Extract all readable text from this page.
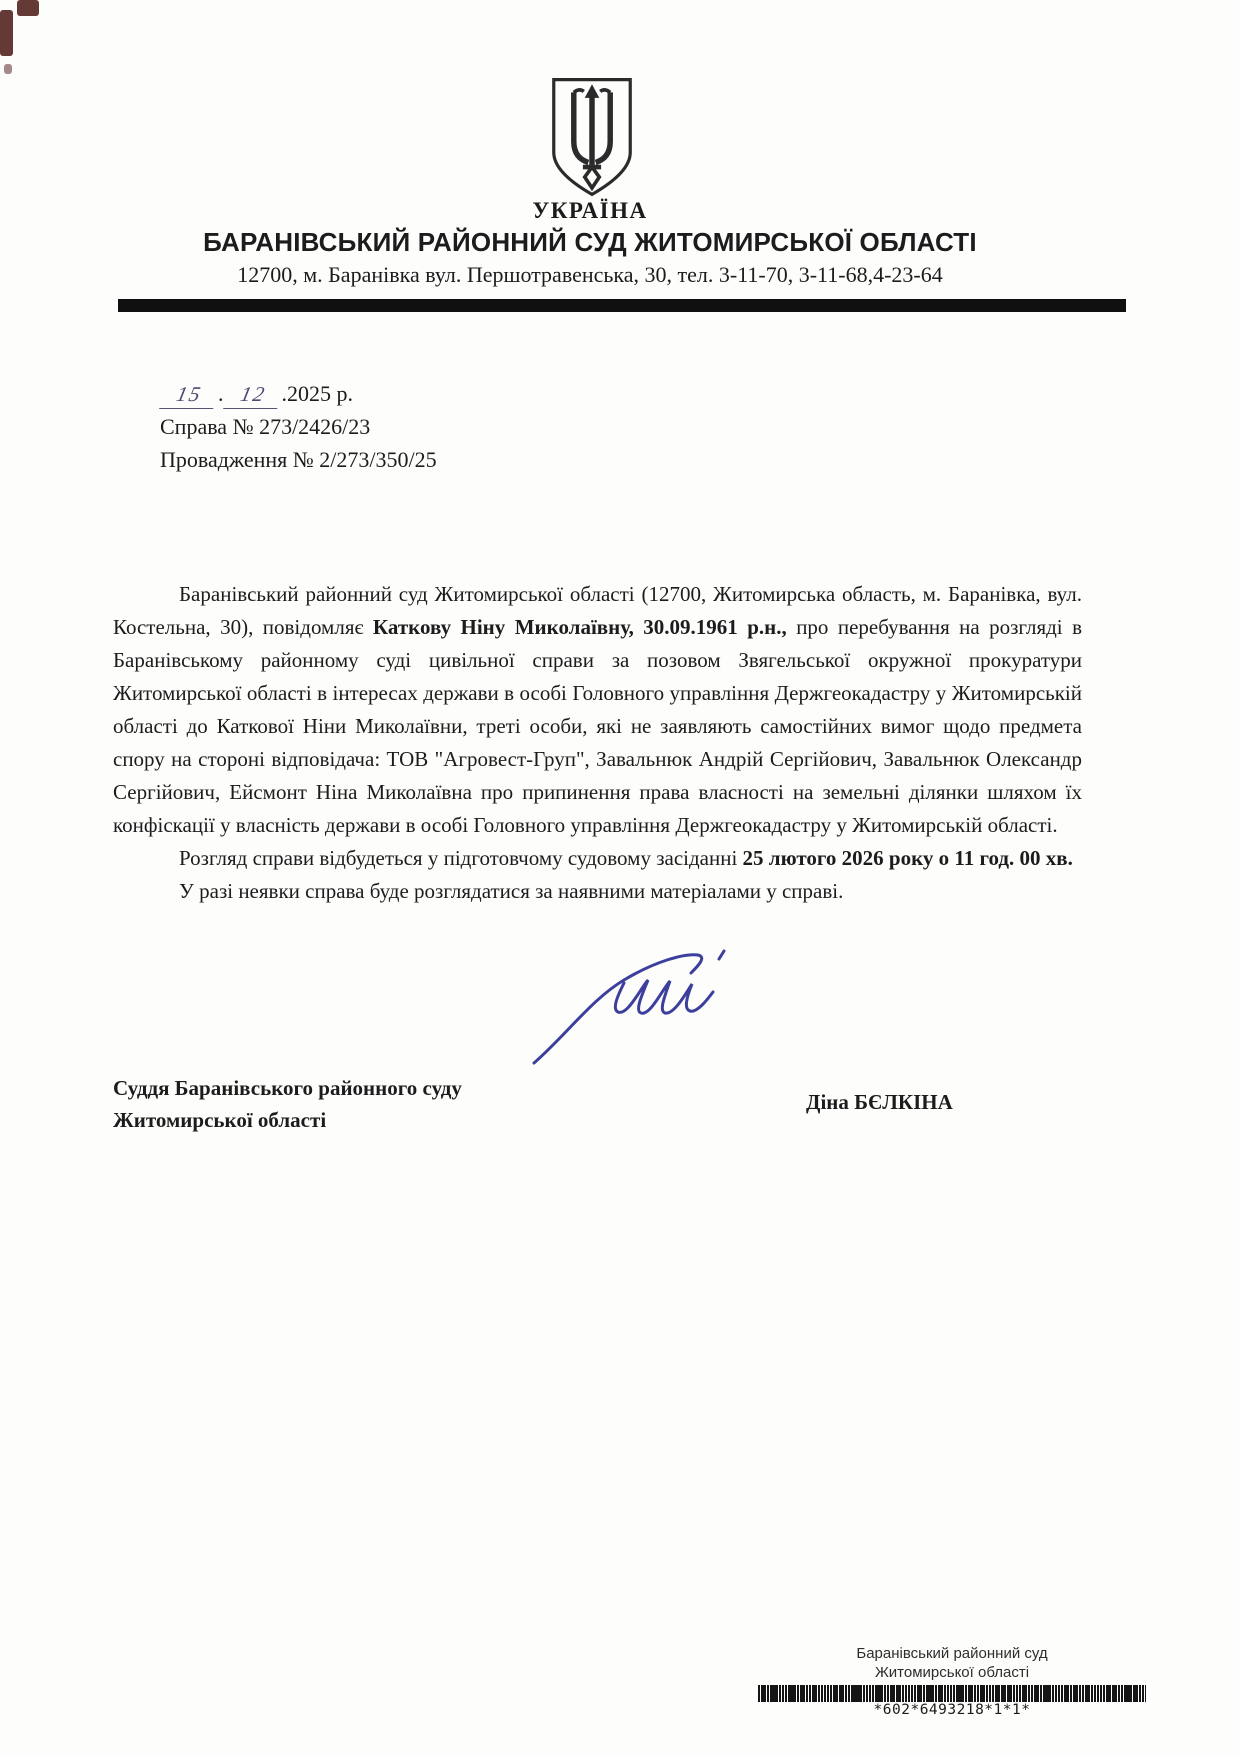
УКРАЇНА
БАРАНІВСЬКИЙ РАЙОННИЙ СУД ЖИТОМИРСЬКОЇ ОБЛАСТІ
12700, м. Баранівка вул. Першотравенська, 30, тел. 3-11-70, 3-11-68,4-23-64
15 . 12 .2025 р.
Справа № 273/2426/23
Провадження № 2/273/350/25

Баранівський районний суд Житомирської області (12700, Житомирська область, м. Баранівка, вул. Костельна, 30), повідомляє Каткову Ніну Миколаївну, 30.09.1961 р.н., про перебування на розгляді в Баранівському районному суді цивільної справи за позовом Звягельської окружної прокуратури Житомирської області в інтересах держави в особі Головного управління Держгеокадастру у Житомирській області до Каткової Ніни Миколаївни, треті особи, які не заявляють самостійних вимог щодо предмета спору на стороні відповідача: ТОВ "Агровест-Груп", Завальнюк Андрій Сергійович, Завальнюк Олександр Сергійович, Ейсмонт Ніна Миколаївна про припинення права власності на земельні ділянки шляхом їх конфіскації у власність держави в особі Головного управління Держгеокадастру у Житомирській області.

Розгляд справи відбудеться у підготовчому судовому засіданні 25 лютого 2026 року о 11 год. 00 хв.

У разі неявки справа буде розглядатися за наявними матеріалами у справі.

Суддя Баранівського районного суду
Житомирської області
Діна БЄЛКІНА
Баранівський районний суд
Житомирської області
*602*6493218*1*1*
